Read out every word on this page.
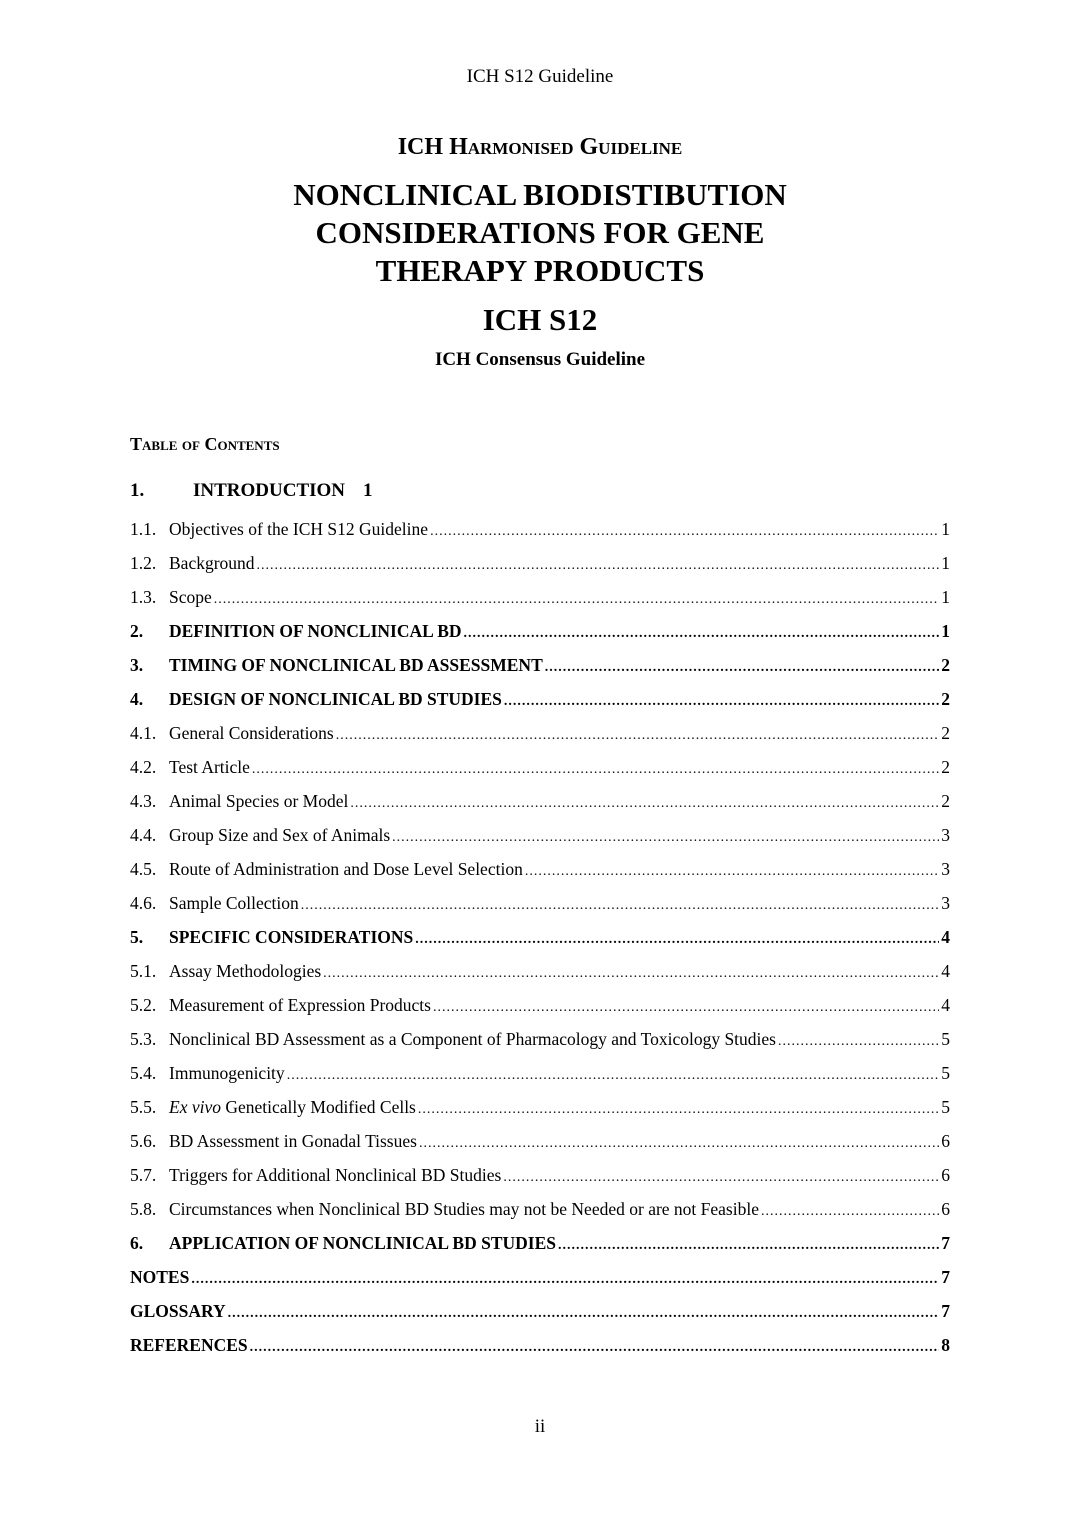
ICH S12 Guideline

ICH Harmonised Guideline

NONCLINICAL BIODISTIBUTION
CONSIDERATIONS FOR GENE
THERAPY PRODUCTS

ICH S12

ICH Consensus Guideline

Table of Contents
1.	INTRODUCTION 1
1.1. Objectives of the ICH S12 Guideline .....	1
1.2. Background .....	1
1.3. Scope .....	1
2.	DEFINITION OF NONCLINICAL BD .....	1
3.	TIMING OF NONCLINICAL BD ASSESSMENT .....	2
4.	DESIGN OF NONCLINICAL BD STUDIES .....	2
4.1. General Considerations .....	2
4.2. Test Article .....	2
4.3. Animal Species or Model .....	2
4.4. Group Size and Sex of Animals .....	3
4.5. Route of Administration and Dose Level Selection .....	3
4.6. Sample Collection .....	3
5.	SPECIFIC CONSIDERATIONS .....	4
5.1. Assay Methodologies .....	4
5.2. Measurement of Expression Products .....	4
5.3. Nonclinical BD Assessment as a Component of Pharmacology and Toxicology Studies .....	5
5.4. Immunogenicity .....	5
5.5. Ex vivo Genetically Modified Cells .....	5
5.6. BD Assessment in Gonadal Tissues .....	6
5.7. Triggers for Additional Nonclinical BD Studies .....	6
5.8. Circumstances when Nonclinical BD Studies may not be Needed or are not Feasible .....	6
6.	APPLICATION OF NONCLINICAL BD STUDIES .....	7
NOTES .....	7
GLOSSARY .....	7
REFERENCES .....	8
ii
